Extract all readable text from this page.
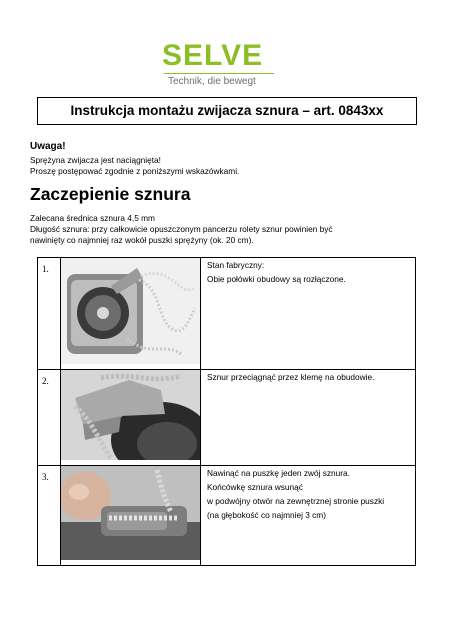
SELVE
Technik, die bewegt
Instrukcja montażu zwijacza sznura – art. 0843xx
Uwaga!
Sprężyna zwijacza jest naciągnięta!
Proszę postępować zgodnie z poniższymi wskazówkami.
Zaczepienie sznura
Zalecana średnica sznura 4,5 mm
Długość sznura: przy całkowicie opuszczonym pancerzu rolety sznur powinien być
nawinięty co najmniej raz wokół puszki sprężyny (ok. 20 cm).
1.		Stan fabryczny:
Obie połówki obudowy są rozłączone.

2.		Sznur przeciągnąć przez klemę na obudowie.

3.		Nawinąć na puszkę jeden zwój sznura.
Końcówkę sznura wsunąć
w podwójny otwór na zewnętrznej stronie puszki
(na głębokość co najmniej 3 cm)
